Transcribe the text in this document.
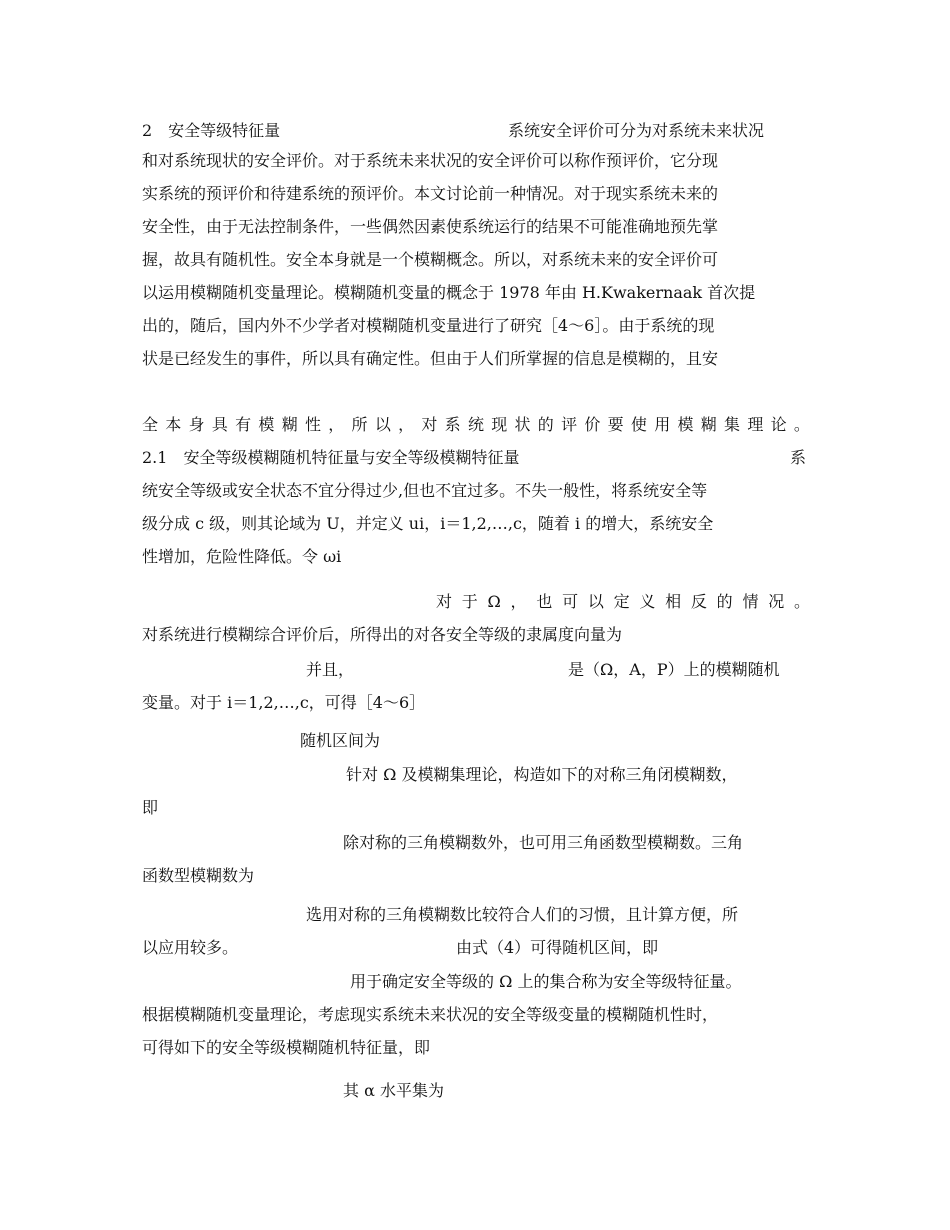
2　安全等级特征量	系统安全评价可分为对系统未来状况
和对系统现状的安全评价。对于系统未来状况的安全评价可以称作预评价，它分现
实系统的预评价和待建系统的预评价。本文讨论前一种情况。对于现实系统未来的
安全性，由于无法控制条件，一些偶然因素使系统运行的结果不可能准确地预先掌
握，故具有随机性。安全本身就是一个模糊概念。所以，对系统未来的安全评价可
以运用模糊随机变量理论。模糊随机变量的概念于 1978 年由 H.Kwakernaak 首次提
出的，随后，国内外不少学者对模糊随机变量进行了研究［4～6］。由于系统的现
状是已经发生的事件，所以具有确定性。但由于人们所掌握的信息是模糊的，且安
全 本 身 具 有 模 糊 性 ， 所 以 ， 对 系 统 现 状 的 评 价 要 使 用 模 糊 集 理 论 。
2.1　安全等级模糊随机特征量与安全等级模糊特征量	系
统安全等级或安全状态不宜分得过少,但也不宜过多。不失一般性，将系统安全等
级分成 c 级，则其论域为 U，并定义 ui，i＝1,2,…,c，随着 i 的增大，系统安全
性增加，危险性降低。令 ωi
对 于 Ω ， 也 可 以 定 义 相 反 的 情 况 。
对系统进行模糊综合评价后，所得出的对各安全等级的隶属度向量为
并且，	是（Ω，A，P）上的模糊随机
变量。对于 i＝1,2,…,c，可得［4～6］
随机区间为
针对 Ω 及模糊集理论，构造如下的对称三角闭模糊数，
即
除对称的三角模糊数外，也可用三角函数型模糊数。三角
函数型模糊数为
选用对称的三角模糊数比较符合人们的习惯，且计算方便，所
以应用较多。	由式（4）可得随机区间，即
用于确定安全等级的 Ω 上的集合称为安全等级特征量。
根据模糊随机变量理论，考虑现实系统未来状况的安全等级变量的模糊随机性时，
可得如下的安全等级模糊随机特征量，即
其 α 水平集为
